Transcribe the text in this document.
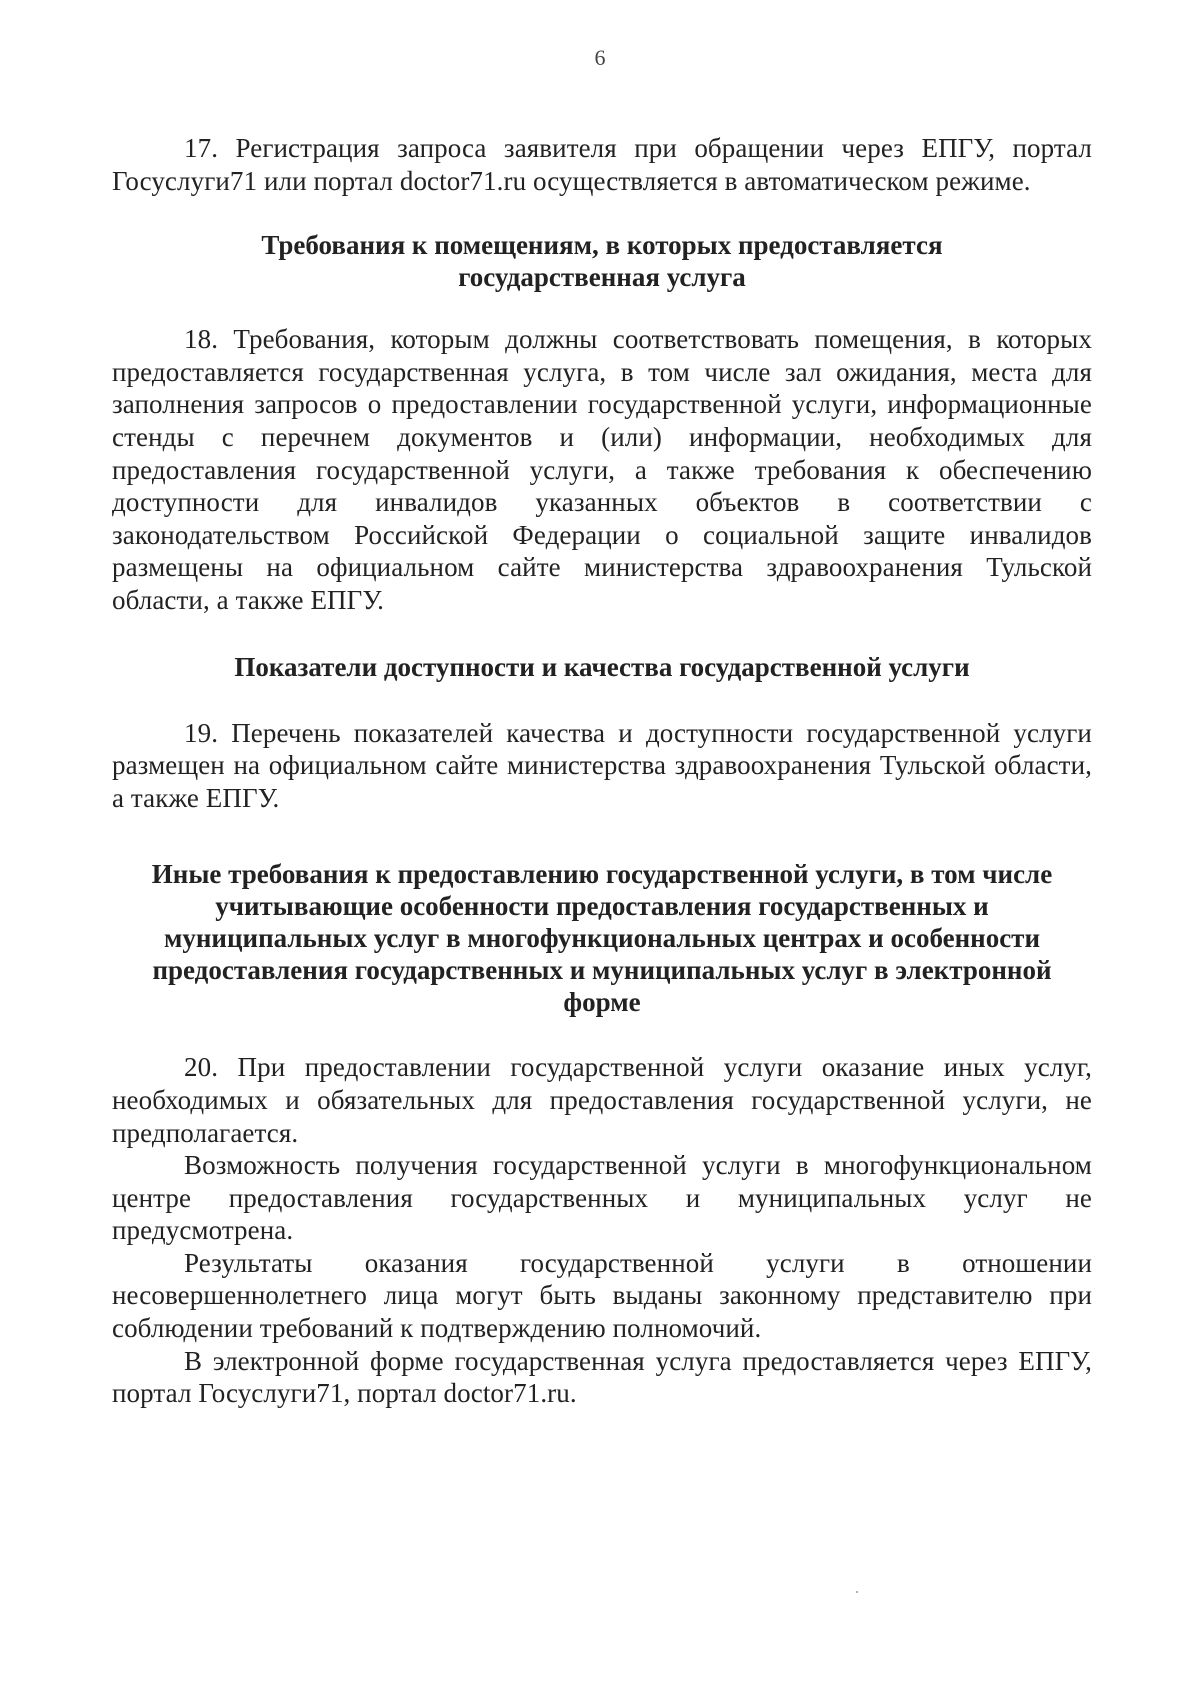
6

17. Регистрация запроса заявителя при обращении через ЕПГУ, портал Госуслуги71 или портал doctor71.ru осуществляется в автоматическом режиме.

Требования к помещениям, в которых предоставляется государственная услуга

18. Требования, которым должны соответствовать помещения, в которых предоставляется государственная услуга, в том числе зал ожидания, места для заполнения запросов о предоставлении государственной услуги, информационные стенды с перечнем документов и (или) информации, необходимых для предоставления государственной услуги, а также требования к обеспечению доступности для инвалидов указанных объектов в соответствии с законодательством Российской Федерации о социальной защите инвалидов размещены на официальном сайте министерства здравоохранения Тульской области, а также ЕПГУ.

Показатели доступности и качества государственной услуги

19. Перечень показателей качества и доступности государственной услуги размещен на официальном сайте министерства здравоохранения Тульской области, а также ЕПГУ.

Иные требования к предоставлению государственной услуги, в том числе учитывающие особенности предоставления государственных и муниципальных услуг в многофункциональных центрах и особенности предоставления государственных и муниципальных услуг в электронной форме

20. При предоставлении государственной услуги оказание иных услуг, необходимых и обязательных для предоставления государственной услуги, не предполагается.

Возможность получения государственной услуги в многофункциональном центре предоставления государственных и муниципальных услуг не предусмотрена.

Результаты оказания государственной услуги в отношении несовершеннолетнего лица могут быть выданы законному представителю при соблюдении требований к подтверждению полномочий.

В электронной форме государственная услуга предоставляется через ЕПГУ, портал Госуслуги71, портал doctor71.ru.
